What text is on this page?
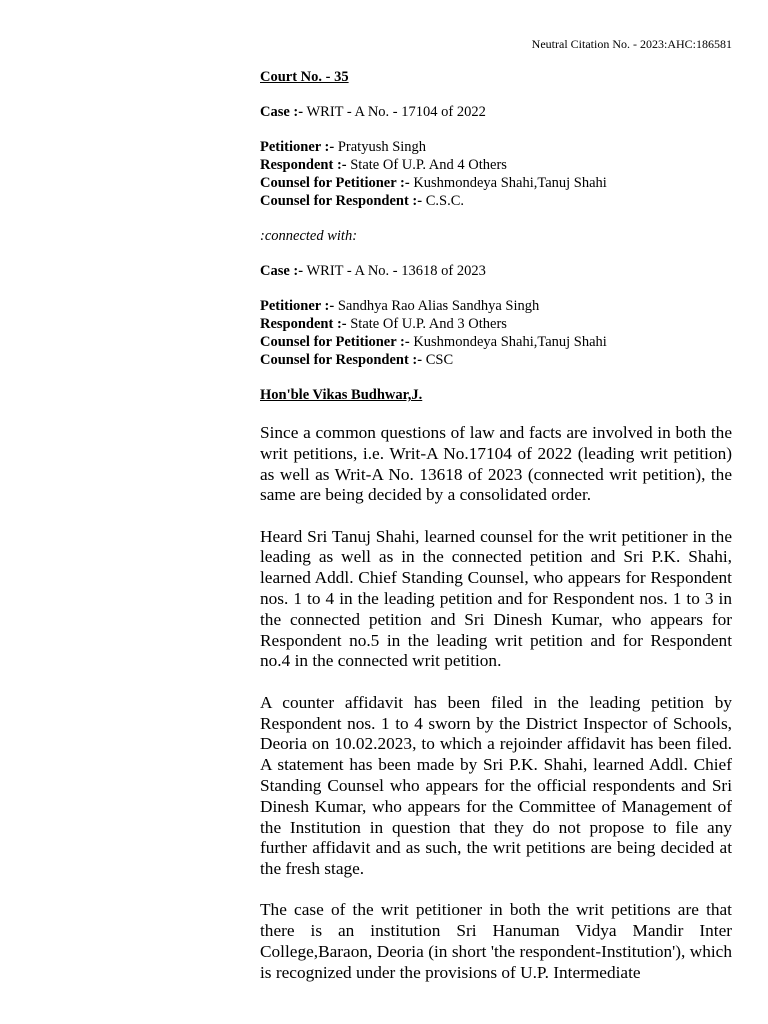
Neutral Citation No. - 2023:AHC:186581

Court No. - 35

Case :- WRIT - A No. - 17104 of 2022

Petitioner :- Pratyush Singh

Respondent :- State Of U.P. And 4 Others

Counsel for Petitioner :- Kushmondeya Shahi,Tanuj Shahi

Counsel for Respondent :- C.S.C.

:connected with:

Case :- WRIT - A No. - 13618 of 2023

Petitioner :- Sandhya Rao Alias Sandhya Singh

Respondent :- State Of U.P. And 3 Others

Counsel for Petitioner :- Kushmondeya Shahi,Tanuj Shahi

Counsel for Respondent :- CSC

Hon'ble Vikas Budhwar,J.

Since a common questions of law and facts are involved in both the writ petitions, i.e. Writ-A No.17104 of 2022 (leading writ petition) as well as Writ-A No. 13618 of 2023 (connected writ petition), the same are being decided by a consolidated order.

Heard Sri Tanuj Shahi, learned counsel for the writ petitioner in the leading as well as in the connected petition and Sri P.K. Shahi, learned Addl. Chief Standing Counsel, who appears for Respondent nos. 1 to 4 in the leading petition and for Respondent nos. 1 to 3 in the connected petition and Sri Dinesh Kumar, who appears for Respondent no.5 in the leading writ petition and for Respondent no.4 in the connected writ petition.

A counter affidavit has been filed in the leading petition by Respondent nos. 1 to 4 sworn by the District Inspector of Schools, Deoria on 10.02.2023, to which a rejoinder affidavit has been filed. A statement has been made by Sri P.K. Shahi, learned Addl. Chief Standing Counsel who appears for the official respondents and Sri Dinesh Kumar, who appears for the Committee of Management of the Institution in question that they do not propose to file any further affidavit and as such, the writ petitions are being decided at the fresh stage.

The case of the writ petitioner in both the writ petitions are that there is an institution Sri Hanuman Vidya Mandir Inter College,Baraon, Deoria (in short 'the respondent-Institution'), which is recognized under the provisions of U.P. Intermediate
